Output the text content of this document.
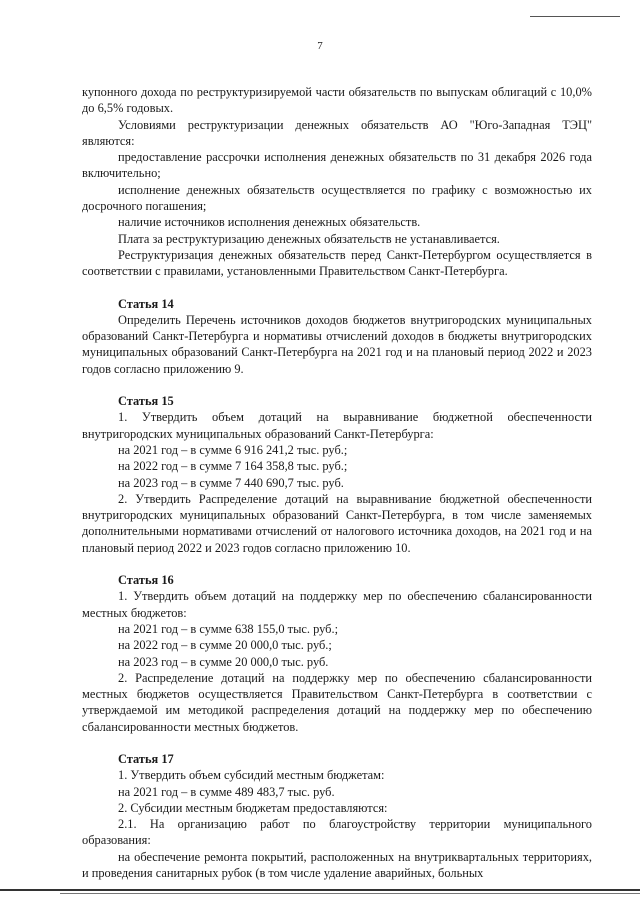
7

купонного дохода по реструктуризируемой части обязательств по выпускам облигаций с 10,0% до 6,5% годовых.

Условиями реструктуризации денежных обязательств АО "Юго-Западная ТЭЦ" являются:

предоставление рассрочки исполнения денежных обязательств по 31 декабря 2026 года включительно;

исполнение денежных обязательств осуществляется по графику с возможностью их досрочного погашения;

наличие источников исполнения денежных обязательств.

Плата за реструктуризацию денежных обязательств не устанавливается.

Реструктуризация денежных обязательств перед Санкт-Петербургом осуществляется в соответствии с правилами, установленными Правительством Санкт-Петербурга.

Статья 14

Определить Перечень источников доходов бюджетов внутригородских муниципальных образований Санкт-Петербурга и нормативы отчислений доходов в бюджеты внутригородских муниципальных образований Санкт-Петербурга на 2021 год и на плановый период 2022 и 2023 годов согласно приложению 9.

Статья 15

1. Утвердить объем дотаций на выравнивание бюджетной обеспеченности внутригородских муниципальных образований Санкт-Петербурга:

на 2021 год – в сумме 6 916 241,2 тыс. руб.;

на 2022 год – в сумме 7 164 358,8 тыс. руб.;

на 2023 год – в сумме 7 440 690,7 тыс. руб.

2. Утвердить Распределение дотаций на выравнивание бюджетной обеспеченности внутригородских муниципальных образований Санкт-Петербурга, в том числе заменяемых дополнительными нормативами отчислений от налогового источника доходов, на 2021 год и на плановый период 2022 и 2023 годов согласно приложению 10.

Статья 16

1. Утвердить объем дотаций на поддержку мер по обеспечению сбалансированности местных бюджетов:

на 2021 год – в сумме 638 155,0 тыс. руб.;

на 2022 год – в сумме 20 000,0 тыс. руб.;

на 2023 год – в сумме 20 000,0 тыс. руб.

2. Распределение дотаций на поддержку мер по обеспечению сбалансированности местных бюджетов осуществляется Правительством Санкт-Петербурга в соответствии с утверждаемой им методикой распределения дотаций на поддержку мер по обеспечению сбалансированности местных бюджетов.

Статья 17

1. Утвердить объем субсидий местным бюджетам:

на 2021 год – в сумме 489 483,7 тыс. руб.

2. Субсидии местным бюджетам предоставляются:

2.1. На организацию работ по благоустройству территории муниципального образования:

на обеспечение ремонта покрытий, расположенных на внутриквартальных территориях, и проведения санитарных рубок (в том числе удаление аварийных, больных
